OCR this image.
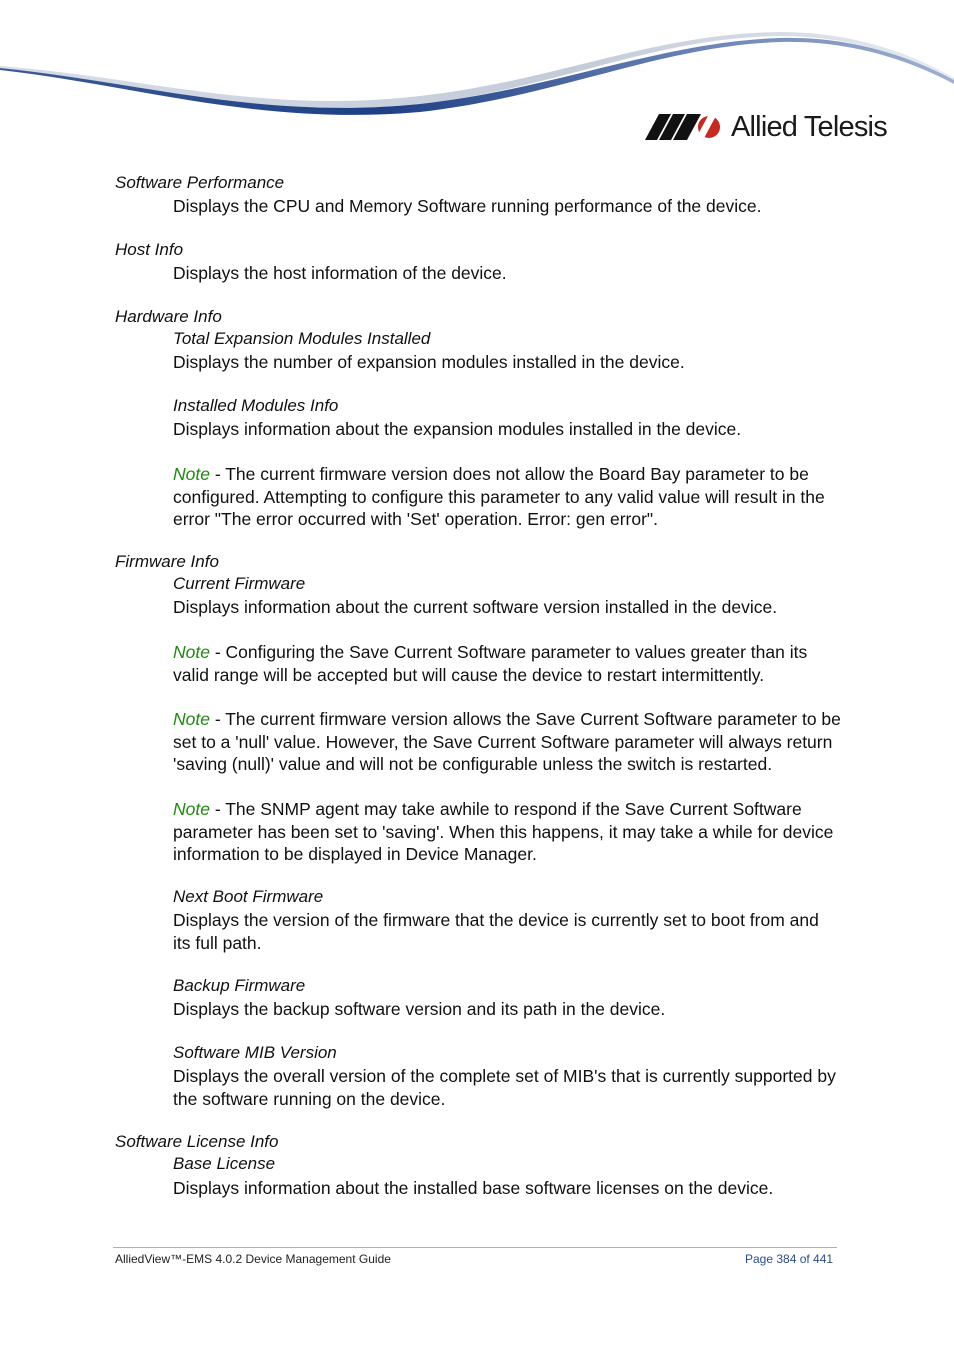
Allied Telesis
Software Performance
Displays the CPU and Memory Software running performance of the device.
Host Info
Displays the host information of the device.
Hardware Info
Total Expansion Modules Installed
Displays the number of expansion modules installed in the device.
Installed Modules Info
Displays information about the expansion modules installed in the device.
Note - The current firmware version does not allow the Board Bay parameter to be configured. Attempting to configure this parameter to any valid value will result in the error "The error occurred with 'Set' operation. Error: gen error".
Firmware Info
Current Firmware
Displays information about the current software version installed in the device.
Note - Configuring the Save Current Software parameter to values greater than its valid range will be accepted but will cause the device to restart intermittently.
Note - The current firmware version allows the Save Current Software parameter to be set to a 'null' value. However, the Save Current Software parameter will always return 'saving (null)' value and will not be configurable unless the switch is restarted.
Note - The SNMP agent may take awhile to respond if the Save Current Software parameter has been set to 'saving'. When this happens, it may take a while for device information to be displayed in Device Manager.
Next Boot Firmware
Displays the version of the firmware that the device is currently set to boot from and its full path.
Backup Firmware
Displays the backup software version and its path in the device.
Software MIB Version
Displays the overall version of the complete set of MIB's that is currently supported by the software running on the device.
Software License Info
Base License
Displays information about the installed base software licenses on the device.
AlliedView™-EMS 4.0.2 Device Management Guide	Page 384 of 441
